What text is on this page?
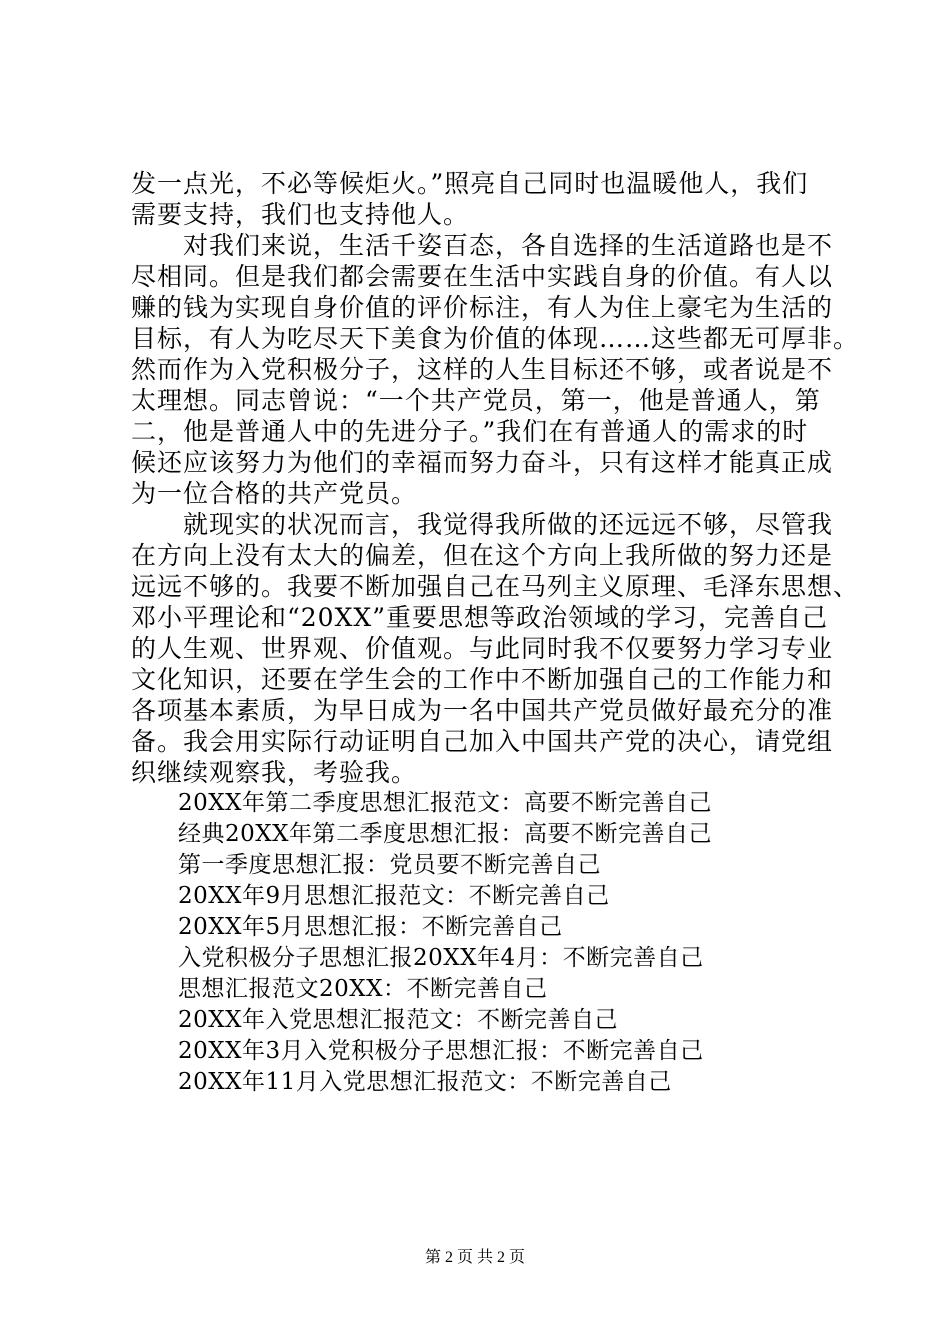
发一点光，不必等候炬火。”照亮自己同时也温暖他人，我们
需要支持，我们也支持他人。
对我们来说，生活千姿百态，各自选择的生活道路也是不
尽相同。但是我们都会需要在生活中实践自身的价值。有人以
赚的钱为实现自身价值的评价标注，有人为住上豪宅为生活的
目标，有人为吃尽天下美食为价值的体现……这些都无可厚非。
然而作为入党积极分子，这样的人生目标还不够，或者说是不
太理想。同志曾说：“一个共产党员，第一，他是普通人，第
二，他是普通人中的先进分子。”我们在有普通人的需求的时
候还应该努力为他们的幸福而努力奋斗，只有这样才能真正成
为一位合格的共产党员。
就现实的状况而言，我觉得我所做的还远远不够，尽管我
在方向上没有太大的偏差，但在这个方向上我所做的努力还是
远远不够的。我要不断加强自己在马列主义原理、毛泽东思想、
邓小平理论和“20XX”重要思想等政治领域的学习，完善自己
的人生观、世界观、价值观。与此同时我不仅要努力学习专业
文化知识，还要在学生会的工作中不断加强自己的工作能力和
各项基本素质，为早日成为一名中国共产党员做好最充分的准
备。我会用实际行动证明自己加入中国共产党的决心，请党组
织继续观察我，考验我。
20XX年第二季度思想汇报范文：高要不断完善自己
经典20XX年第二季度思想汇报：高要不断完善自己
第一季度思想汇报：党员要不断完善自己
20XX年9月思想汇报范文：不断完善自己
20XX年5月思想汇报：不断完善自己
入党积极分子思想汇报20XX年4月：不断完善自己
思想汇报范文20XX：不断完善自己
20XX年入党思想汇报范文：不断完善自己
20XX年3月入党积极分子思想汇报：不断完善自己
20XX年11月入党思想汇报范文：不断完善自己
第 2 页 共 2 页
